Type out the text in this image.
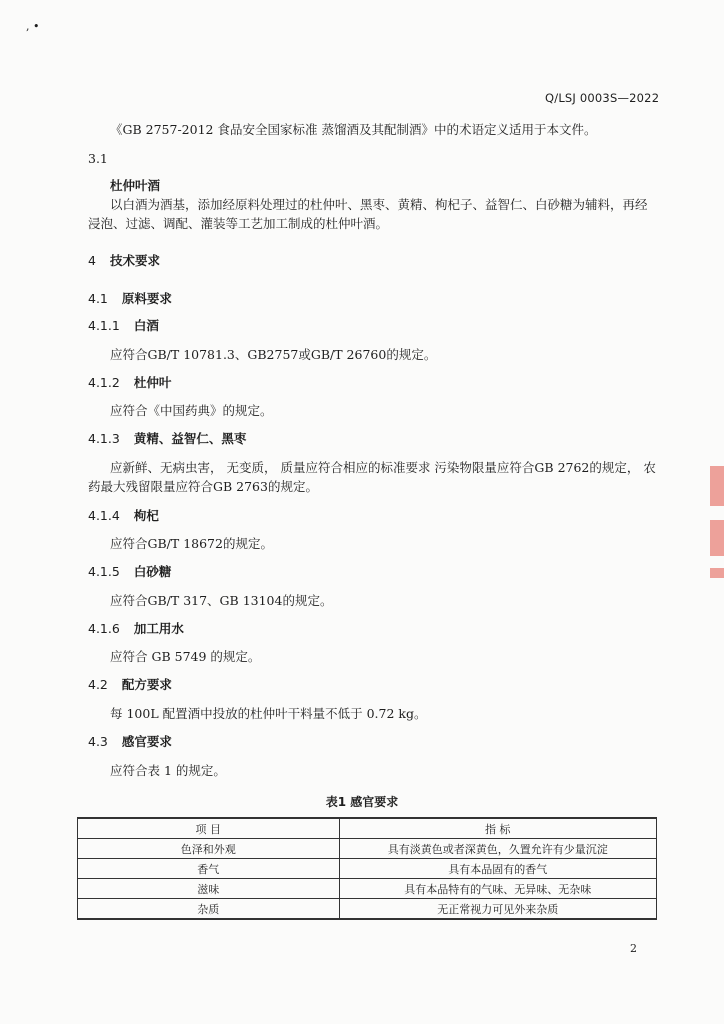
, •
Q/LSJ 0003S—2022
《GB 2757-2012 食品安全国家标准 蒸馏酒及其配制酒》中的术语定义适用于本文件。
3.1
杜仲叶酒
以白酒为酒基，添加经原料处理过的杜仲叶、黑枣、黄精、枸杞子、益智仁、白砂糖为辅料，再经
浸泡、过滤、调配、灌装等工艺加工制成的杜仲叶酒。
4 技术要求
4.1 原料要求
4.1.1 白酒
应符合GB/T 10781.3、GB2757或GB/T 26760的规定。
4.1.2 杜仲叶
应符合《中国药典》的规定。
4.1.3 黄精、益智仁、黑枣
应新鲜、无病虫害， 无变质， 质量应符合相应的标准要求 污染物限量应符合GB 2762的规定， 农
药最大残留限量应符合GB 2763的规定。
4.1.4 枸杞
应符合GB/T 18672的规定。
4.1.5 白砂糖
应符合GB/T 317、GB 13104的规定。
4.1.6 加工用水
应符合 GB 5749 的规定。
4.2 配方要求
每 100L 配置酒中投放的杜仲叶干料量不低于 0.72 kg。
4.3 感官要求
应符合表 1 的规定。
表1 感官要求
项 目	指 标
色泽和外观	具有淡黄色或者深黄色，久置允许有少量沉淀
香气	具有本品固有的香气
滋味	具有本品特有的气味、无异味、无杂味
杂质	无正常视力可见外来杂质
2
